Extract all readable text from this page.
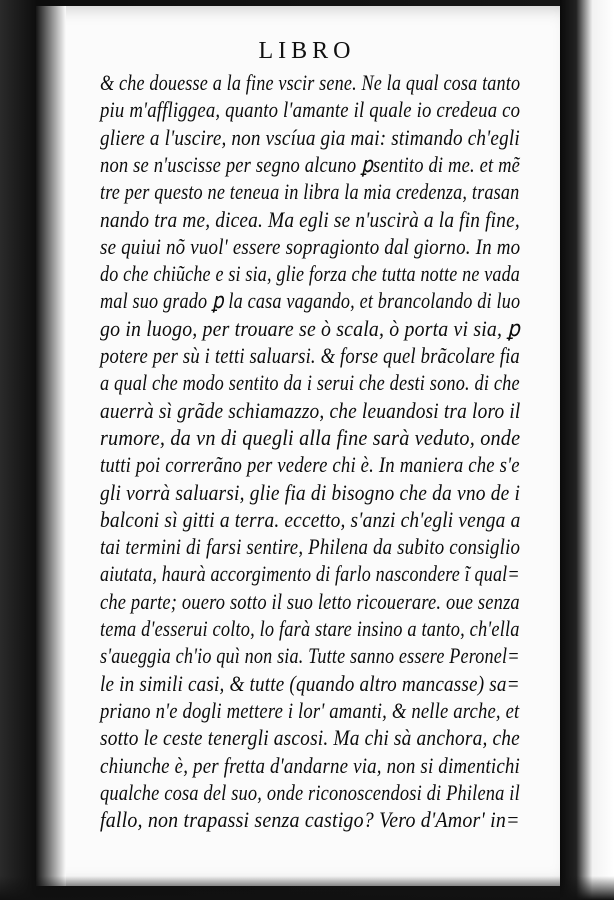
LIBRO
& che douesse a la fine vscir sene. Ne la qual cosa tanto
piu m'affliggea, quanto l'amante il quale io credeua co
gliere a l'uscire, non vscíua gia mai: stimando ch'egli
non se n'uscisse per segno alcuno ꝑsentito di me. et mẽ
tre per questo ne teneua in libra la mia credenza, trasan
nando tra me, dicea. Ma egli se n'uscirà a la fin fine,
se quiui nõ vuol' essere sopragionto dal giorno. In mo
do che chiũche e si sia, glie forza che tutta notte ne vada
mal suo grado ꝑ la casa vagando, et brancolando di luo
go in luogo, per trouare se ò scala, ò porta vi sia, ꝑ
potere per sù i tetti saluarsi. & forse quel brãcolare fia
a qual che modo sentito da i serui che desti sono. di che
auerrà sì grãde schiamazzo, che leuandosi tra loro il
rumore, da vn di quegli alla fine sarà veduto, onde
tutti poi correrãno per vedere chi è. In maniera che s'e
gli vorrà saluarsi, glie fia di bisogno che da vno de i
balconi sì gitti a terra. eccetto, s'anzi ch'egli venga a
tai termini di farsi sentire, Philena da subito consiglio
aiutata, haurà accorgimento di farlo nascondere ĩ qual=
che parte; ouero sotto il suo letto ricouerare. oue senza
tema d'esserui colto, lo farà stare insino a tanto, ch'ella
s'aueggia ch'io quì non sia. Tutte sanno essere Peronel=
le in simili casi, & tutte (quando altro mancasse) sa=
priano n'e dogli mettere i lor' amanti, & nelle arche, et
sotto le ceste tenergli ascosi. Ma chi sà anchora, che
chiunche è, per fretta d'andarne via, non si dimentichi
qualche cosa del suo, onde riconoscendosi di Philena il
fallo, non trapassi senza castigo? Vero d'Amor' in=
